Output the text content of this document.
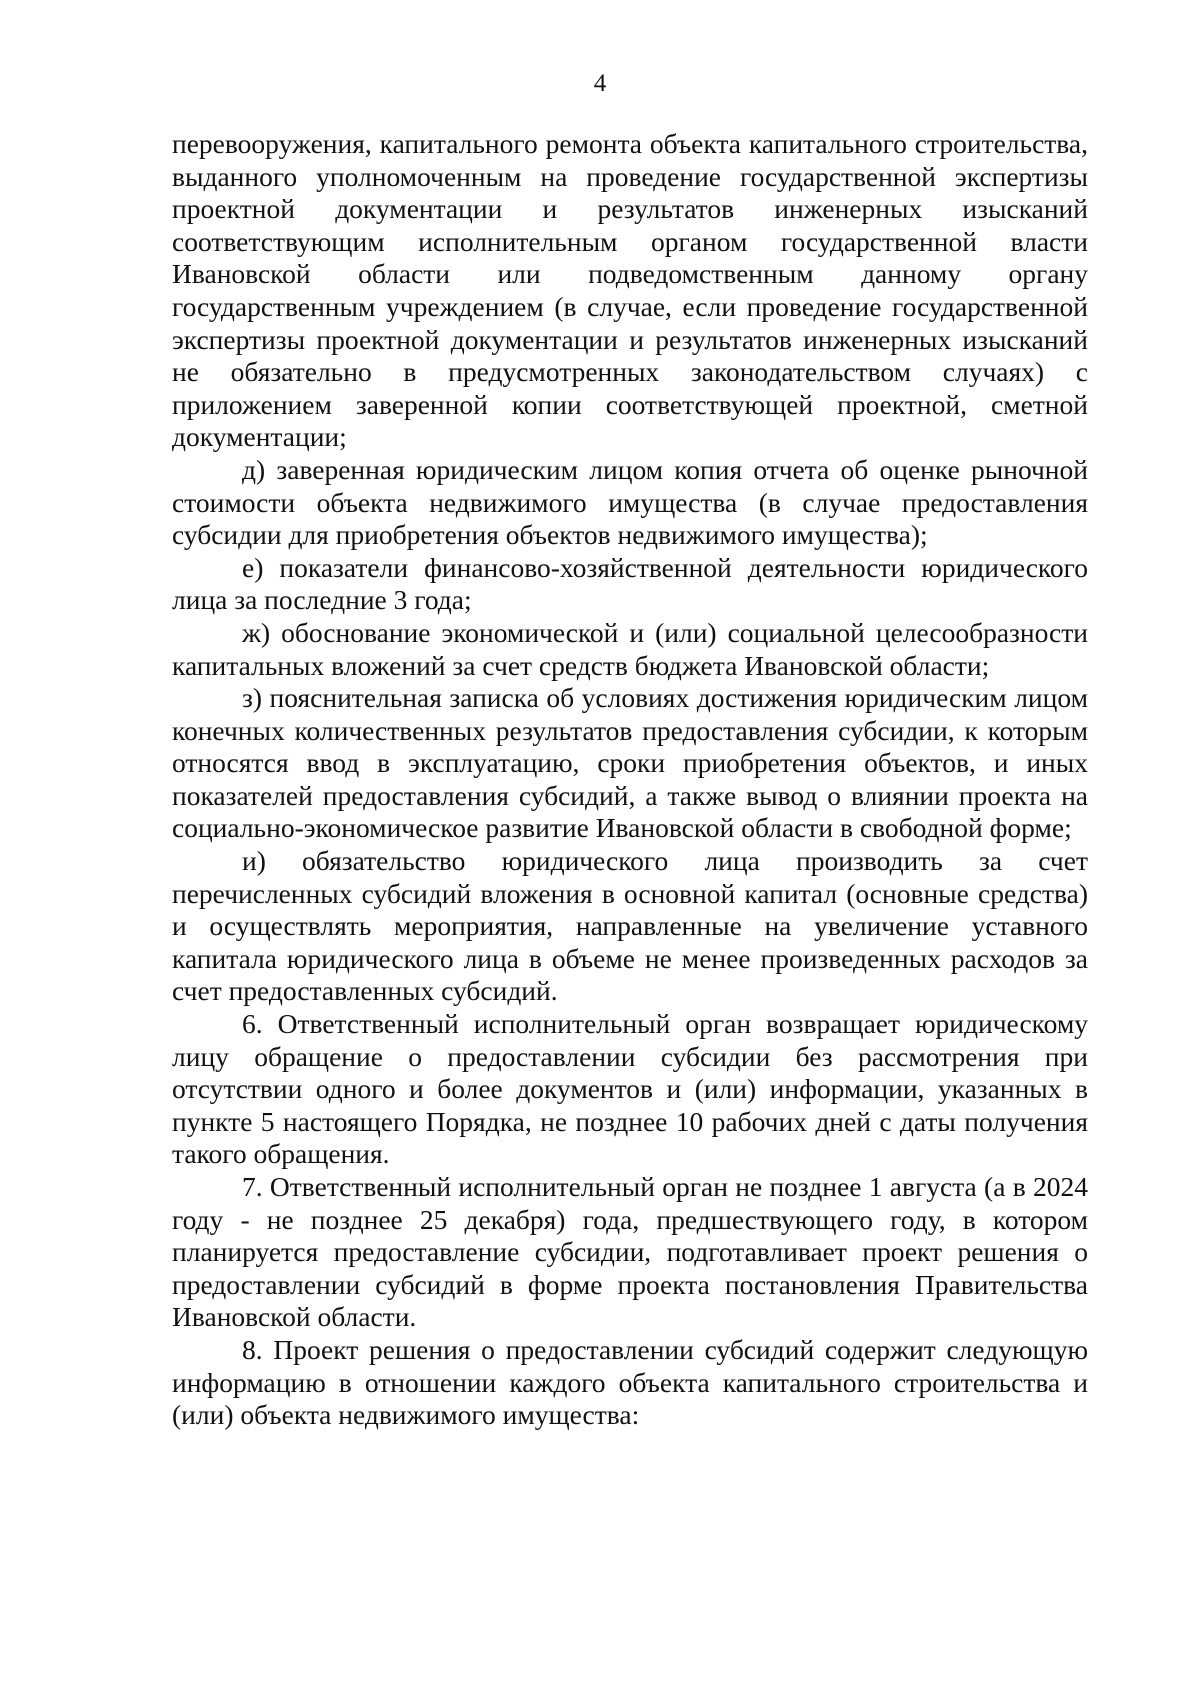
4

перевооружения, капитального ремонта объекта капитального строительства, выданного уполномоченным на проведение государственной экспертизы проектной документации и результатов инженерных изысканий соответствующим исполнительным органом государственной власти Ивановской области или подведомственным данному органу государственным учреждением (в случае, если проведение государственной экспертизы проектной документации и результатов инженерных изысканий не обязательно в предусмотренных законодательством случаях) с приложением заверенной копии соответствующей проектной, сметной документации;

д) заверенная юридическим лицом копия отчета об оценке рыночной стоимости объекта недвижимого имущества (в случае предоставления субсидии для приобретения объектов недвижимого имущества);

е) показатели финансово-хозяйственной деятельности юридического лица за последние 3 года;

ж) обоснование экономической и (или) социальной целесообразности капитальных вложений за счет средств бюджета Ивановской области;

з) пояснительная записка об условиях достижения юридическим лицом конечных количественных результатов предоставления субсидии, к которым относятся ввод в эксплуатацию, сроки приобретения объектов, и иных показателей предоставления субсидий, а также вывод о влиянии проекта на социально-экономическое развитие Ивановской области в свободной форме;

и) обязательство юридического лица производить за счет перечисленных субсидий вложения в основной капитал (основные средства) и осуществлять мероприятия, направленные на увеличение уставного капитала юридического лица в объеме не менее произведенных расходов за счет предоставленных субсидий.

6. Ответственный исполнительный орган возвращает юридическому лицу обращение о предоставлении субсидии без рассмотрения при отсутствии одного и более документов и (или) информации, указанных в пункте 5 настоящего Порядка, не позднее 10 рабочих дней с даты получения такого обращения.

7. Ответственный исполнительный орган не позднее 1 августа (а в 2024 году - не позднее 25 декабря) года, предшествующего году, в котором планируется предоставление субсидии, подготавливает проект решения о предоставлении субсидий в форме проекта постановления Правительства Ивановской области.

8. Проект решения о предоставлении субсидий содержит следующую информацию в отношении каждого объекта капитального строительства и (или) объекта недвижимого имущества:
